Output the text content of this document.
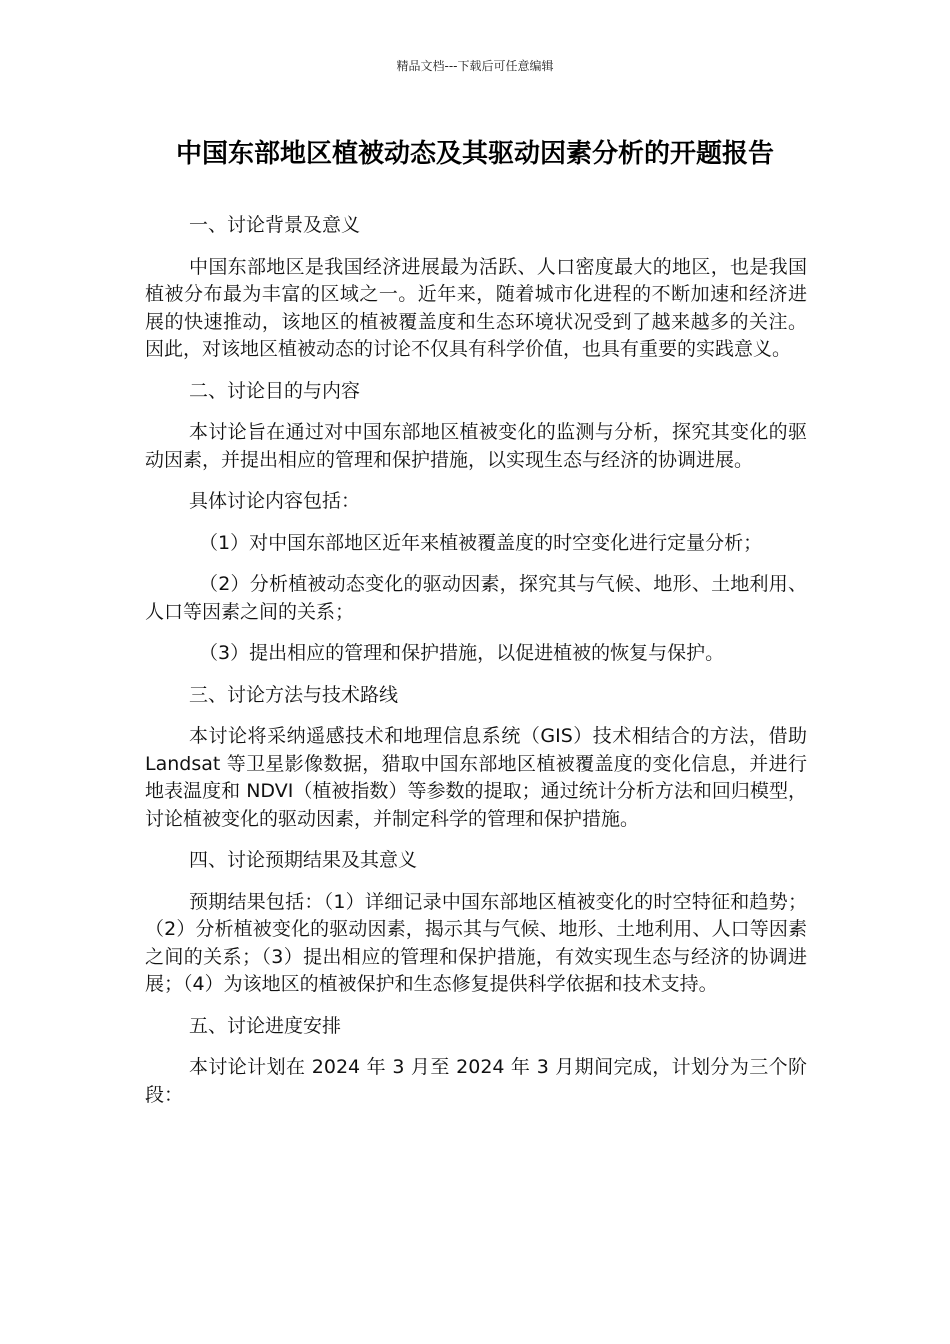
精品文档---下载后可任意编辑
中国东部地区植被动态及其驱动因素分析的开题报告

一、讨论背景及意义

中国东部地区是我国经济进展最为活跃、人口密度最大的地区，也是我国植被分布最为丰富的区域之一。近年来，随着城市化进程的不断加速和经济进展的快速推动，该地区的植被覆盖度和生态环境状况受到了越来越多的关注。因此，对该地区植被动态的讨论不仅具有科学价值，也具有重要的实践意义。

二、讨论目的与内容

本讨论旨在通过对中国东部地区植被变化的监测与分析，探究其变化的驱动因素，并提出相应的管理和保护措施，以实现生态与经济的协调进展。

具体讨论内容包括：

（1）对中国东部地区近年来植被覆盖度的时空变化进行定量分析；

（2）分析植被动态变化的驱动因素，探究其与气候、地形、土地利用、人口等因素之间的关系；

（3）提出相应的管理和保护措施，以促进植被的恢复与保护。

三、讨论方法与技术路线

本讨论将采纳遥感技术和地理信息系统（GIS）技术相结合的方法，借助 Landsat 等卫星影像数据，猎取中国东部地区植被覆盖度的变化信息，并进行地表温度和 NDVI（植被指数）等参数的提取；通过统计分析方法和回归模型，讨论植被变化的驱动因素，并制定科学的管理和保护措施。

四、讨论预期结果及其意义

预期结果包括：（1）详细记录中国东部地区植被变化的时空特征和趋势；（2）分析植被变化的驱动因素，揭示其与气候、地形、土地利用、人口等因素之间的关系；（3）提出相应的管理和保护措施，有效实现生态与经济的协调进展；（4）为该地区的植被保护和生态修复提供科学依据和技术支持。

五、讨论进度安排

本讨论计划在 2024 年 3 月至 2024 年 3 月期间完成，计划分为三个阶段：
